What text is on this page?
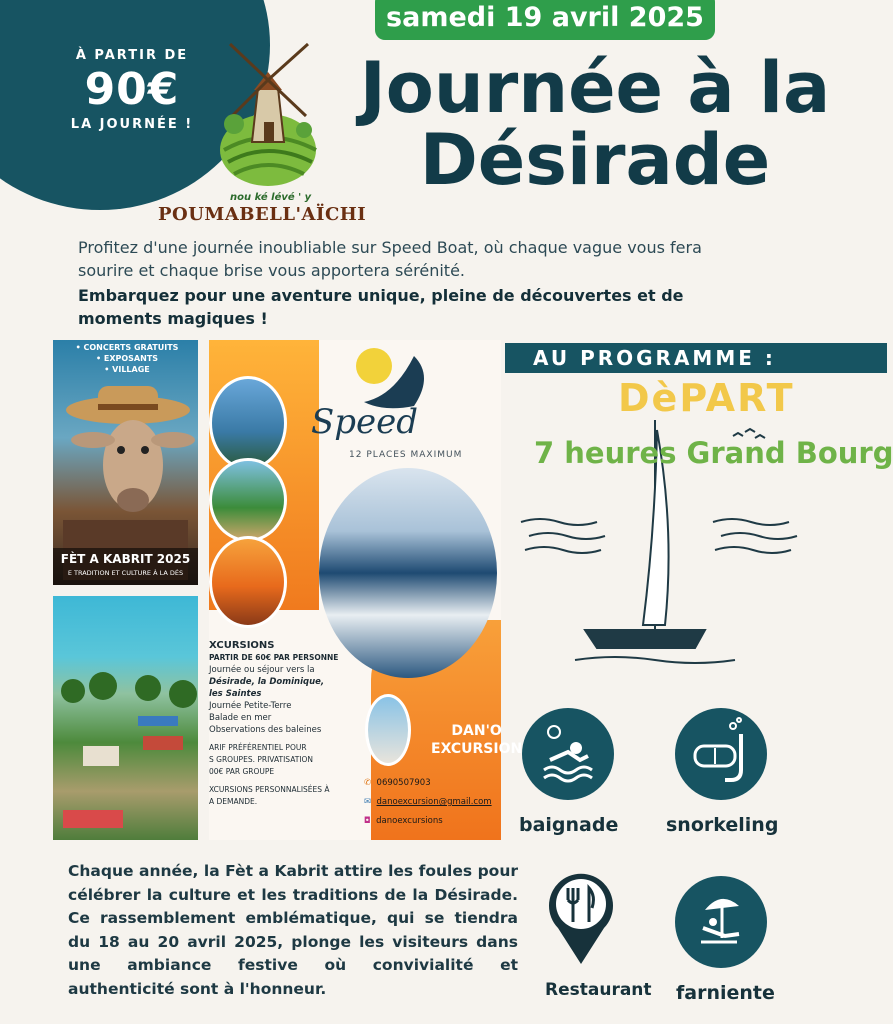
À PARTIR DE
90€
LA JOURNÉE !
samedi 19 avril 2025
nou ké lévé ' y
POUMABELL'AÏCHI
Journée à la
Désirade
Profitez d'une journée inoubliable sur Speed Boat, où chaque vague vous fera sourire et chaque brise vous apportera sérénité.
Embarquez pour une aventure unique, pleine de découvertes et de moments magiques !
• CONCERTS GRATUITS
• EXPOSANTS
• VILLAGE
FÈT A KABRIT 2025
E TRADITION ET CULTURE À LA DÉS
Speed
12 PLACES MAXIMUM
XCURSIONS
PARTIR DE 60€ PAR PERSONNE
Journée ou séjour vers la
Désirade, la Dominique,
les Saintes
Journée Petite-Terre
Balade en mer
Observations des baleines
ARIF PRÉFÉRENTIEL POUR
S GROUPES. PRIVATISATION
00€ PAR GROUPE
XCURSIONS PERSONNALISÉES À
A DEMANDE.
DAN'O
EXCURSION
✆ 0690507903
✉ danoexcursion@gmail.com
◘ danoexcursions
AU PROGRAMME :
DèPART
7 heures Grand Bourg
baignade	snorkeling
Restaurant farniente
Chaque année, la Fèt a Kabrit attire les foules pour célébrer la culture et les traditions de la Désirade. Ce rassemblement emblématique, qui se tiendra du 18 au 20 avril 2025, plonge les visiteurs dans une ambiance festive où convivialité et authenticité sont à l'honneur.
